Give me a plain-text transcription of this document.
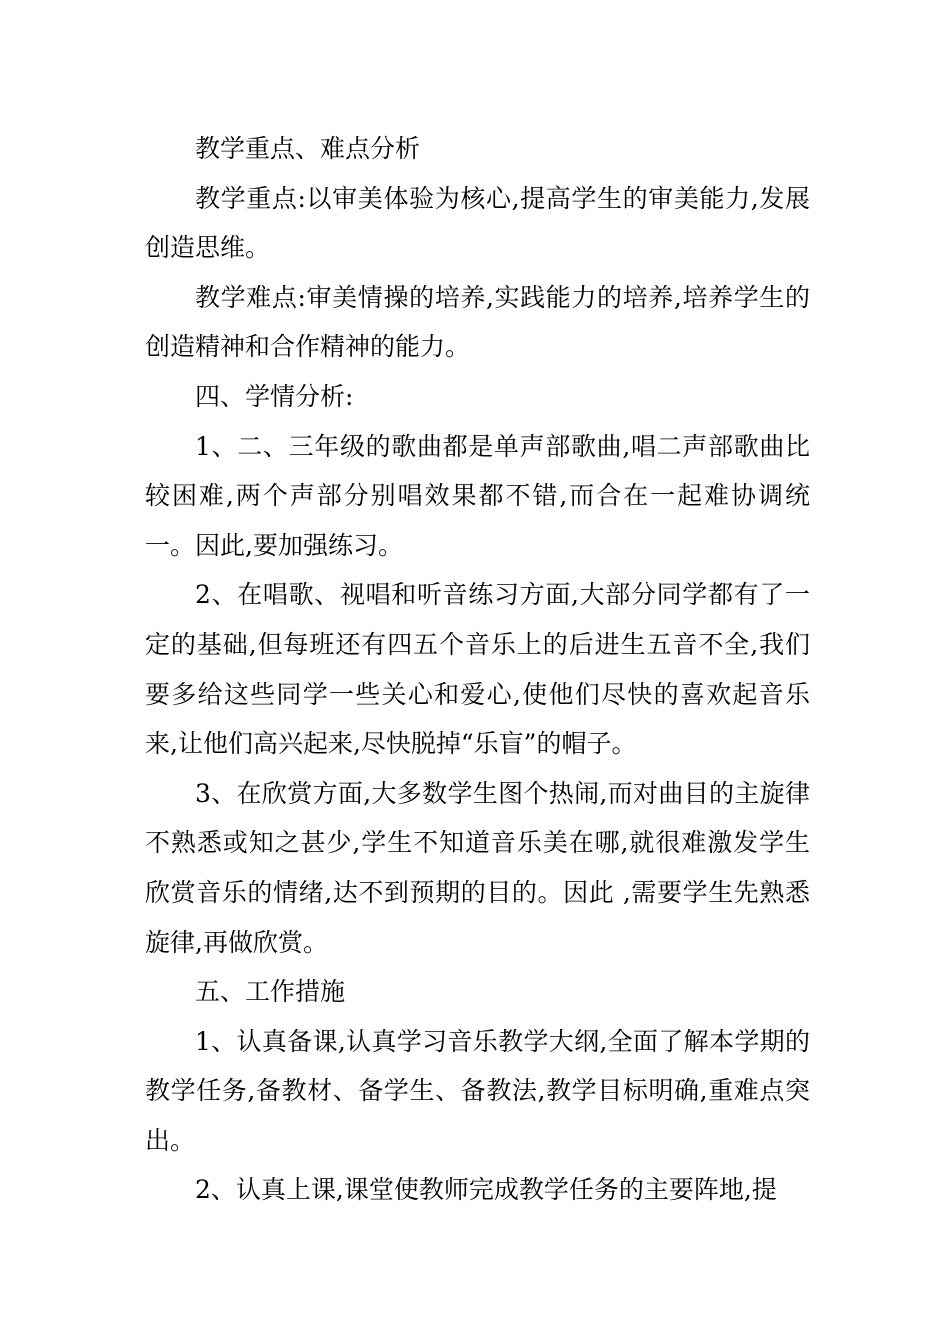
教学重点、难点分析

教学重点:以审美体验为核心,提高学生的审美能力,发展创造思维。

教学难点:审美情操的培养,实践能力的培养,培养学生的创造精神和合作精神的能力。

四、学情分析:

1、二、三年级的歌曲都是单声部歌曲,唱二声部歌曲比较困难,两个声部分别唱效果都不错,而合在一起难协调统一。因此,要加强练习。

2、在唱歌、视唱和听音练习方面,大部分同学都有了一定的基础,但每班还有四五个音乐上的后进生五音不全,我们要多给这些同学一些关心和爱心,使他们尽快的喜欢起音乐来,让他们高兴起来,尽快脱掉“乐盲”的帽子。

3、在欣赏方面,大多数学生图个热闹,而对曲目的主旋律不熟悉或知之甚少,学生不知道音乐美在哪,就很难激发学生欣赏音乐的情绪,达不到预期的目的。因此 ,需要学生先熟悉旋律,再做欣赏。

五、工作措施

1、认真备课,认真学习音乐教学大纲,全面了解本学期的教学任务,备教材、备学生、备教法,教学目标明确,重难点突出。

2、认真上课,课堂使教师完成教学任务的主要阵地,提
